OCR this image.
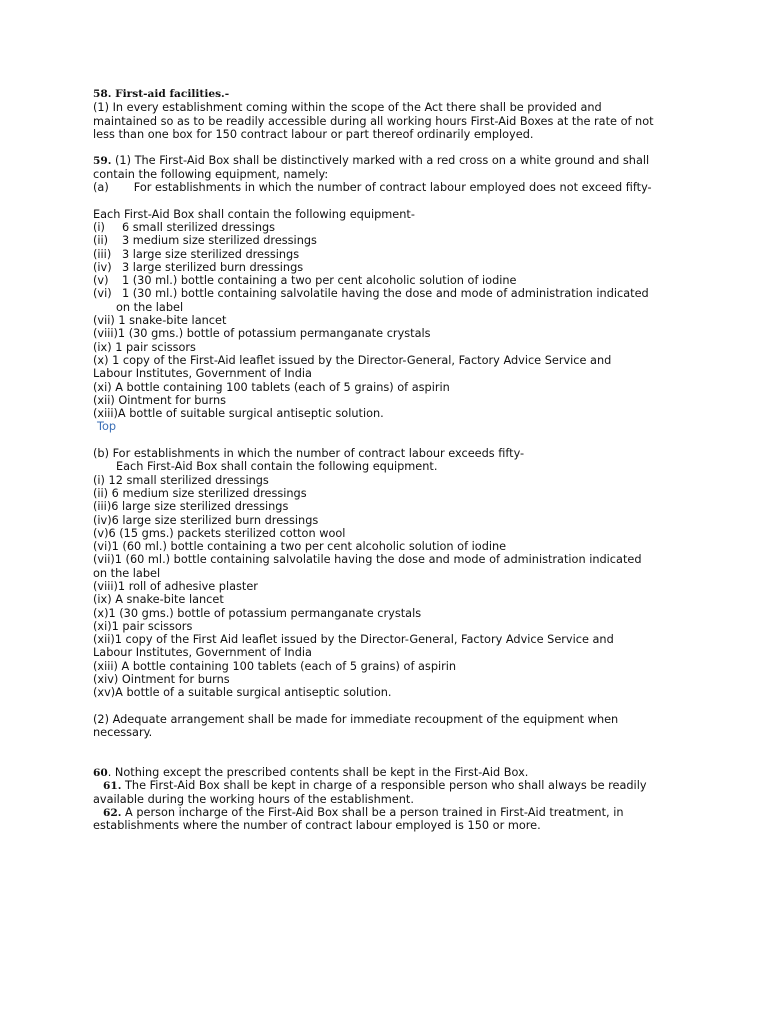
58. First-aid facilities.-
(1) In every establishment coming within the scope of the Act there shall be provided and
maintained so as to be readily accessible during all working hours First-Aid Boxes at the rate of not
less than one box for 150 contract labour or part thereof ordinarily employed.
59. (1) The First-Aid Box shall be distinctively marked with a red cross on a white ground and shall
contain the following equipment, namely:
(a) For establishments in which the number of contract labour employed does not exceed fifty-
Each First-Aid Box shall contain the following equipment-
(i) 6 small sterilized dressings
(ii) 3 medium size sterilized dressings
(iii) 3 large size sterilized dressings
(iv) 3 large sterilized burn dressings
(v) 1 (30 ml.) bottle containing a two per cent alcoholic solution of iodine
(vi) 1 (30 ml.) bottle containing salvolatile having the dose and mode of administration indicated
on the label
(vii) 1 snake-bite lancet
(viii)1 (30 gms.) bottle of potassium permanganate crystals
(ix) 1 pair scissors
(x) 1 copy of the First-Aid leaflet issued by the Director-General, Factory Advice Service and
Labour Institutes, Government of India
(xi) A bottle containing 100 tablets (each of 5 grains) of aspirin
(xii) Ointment for burns
(xiii)A bottle of suitable surgical antiseptic solution.
Top
(b) For establishments in which the number of contract labour exceeds fifty-
Each First-Aid Box shall contain the following equipment.
(i) 12 small sterilized dressings
(ii) 6 medium size sterilized dressings
(iii)6 large size sterilized dressings
(iv)6 large size sterilized burn dressings
(v)6 (15 gms.) packets sterilized cotton wool
(vi)1 (60 ml.) bottle containing a two per cent alcoholic solution of iodine
(vii)1 (60 ml.) bottle containing salvolatile having the dose and mode of administration indicated
on the label
(viii)1 roll of adhesive plaster
(ix) A snake-bite lancet
(x)1 (30 gms.) bottle of potassium permanganate crystals
(xi)1 pair scissors
(xii)1 copy of the First Aid leaflet issued by the Director-General, Factory Advice Service and
Labour Institutes, Government of India
(xiii) A bottle containing 100 tablets (each of 5 grains) of aspirin
(xiv) Ointment for burns
(xv)A bottle of a suitable surgical antiseptic solution.
(2) Adequate arrangement shall be made for immediate recoupment of the equipment when
necessary.
60. Nothing except the prescribed contents shall be kept in the First-Aid Box.
61. The First-Aid Box shall be kept in charge of a responsible person who shall always be readily
available during the working hours of the establishment.
62. A person incharge of the First-Aid Box shall be a person trained in First-Aid treatment, in
establishments where the number of contract labour employed is 150 or more.
